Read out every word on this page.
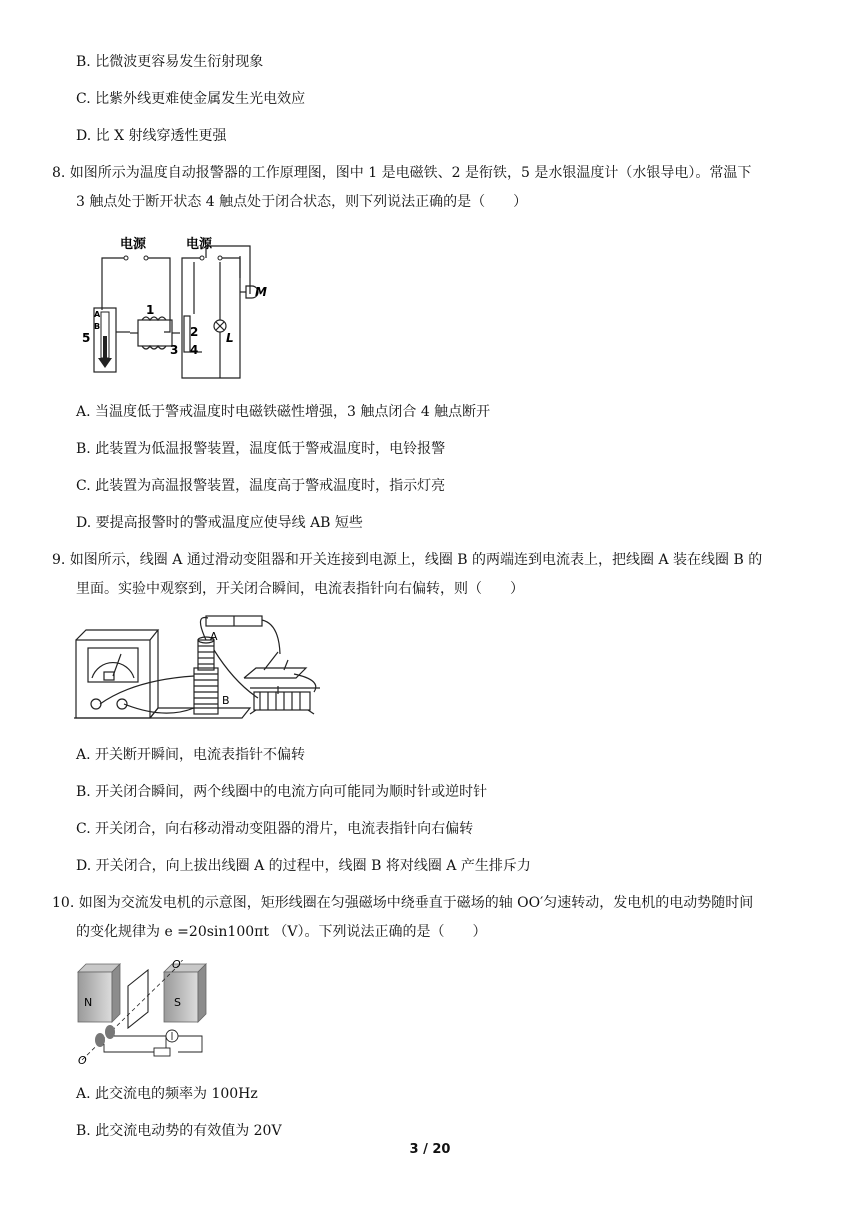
B. 比微波更容易发生衍射现象
C. 比紫外线更难使金属发生光电效应
D. 比 X 射线穿透性更强
8. 如图所示为温度自动报警器的工作原理图，图中 1 是电磁铁、2 是衔铁，5 是水银温度计（水银导电）。常温下
3 触点处于断开状态 4 触点处于闭合状态，则下列说法正确的是（　　）
电源	电源
1
2
3 4
5
A
B
M
L
A. 当温度低于警戒温度时电磁铁磁性增强，3 触点闭合 4 触点断开
B. 此装置为低温报警装置，温度低于警戒温度时，电铃报警
C. 此装置为高温报警装置，温度高于警戒温度时，指示灯亮
D. 要提高报警时的警戒温度应使导线 AB 短些
9. 如图所示，线圈 A 通过滑动变阻器和开关连接到电源上，线圈 B 的两端连到电流表上，把线圈 A 装在线圈 B 的
里面。实验中观察到，开关闭合瞬间，电流表指针向右偏转，则（　　）
A
B
A. 开关断开瞬间，电流表指针不偏转
B. 开关闭合瞬间，两个线圈中的电流方向可能同为顺时针或逆时针
C. 开关闭合，向右移动滑动变阻器的滑片，电流表指针向右偏转
D. 开关闭合，向上拔出线圈 A 的过程中，线圈 B 将对线圈 A 产生排斥力
10. 如图为交流发电机的示意图，矩形线圈在匀强磁场中绕垂直于磁场的轴 OO′匀速转动，发电机的电动势随时间
的变化规律为 e =20sin100πt （V）。下列说法正确的是（　　）
N	S
O
O′
A. 此交流电的频率为 100Hz
B. 此交流电动势的有效值为 20V
3 / 20
